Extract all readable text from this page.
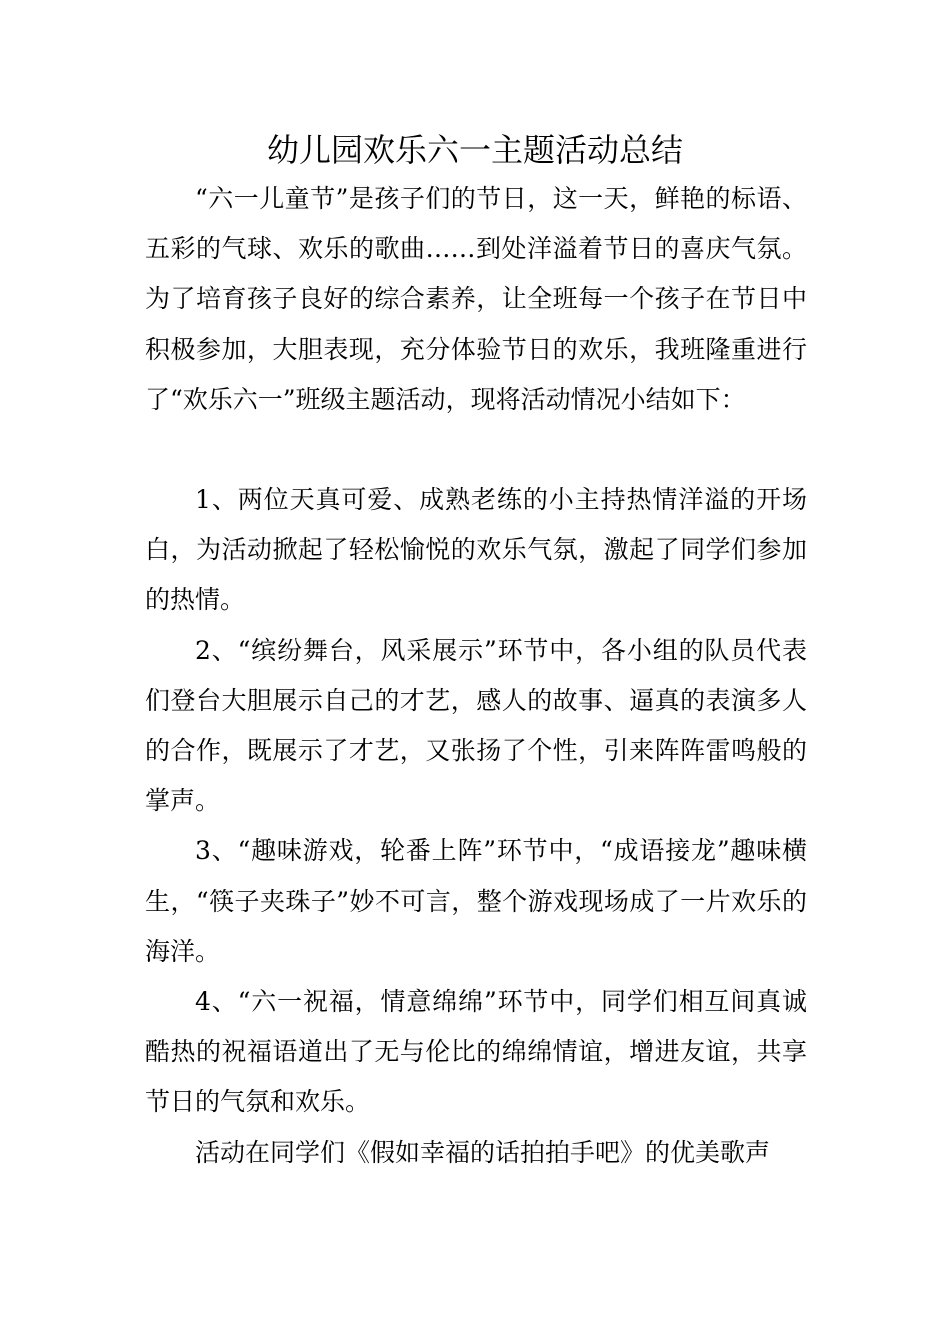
幼儿园欢乐六一主题活动总结

“六一儿童节”是孩子们的节日，这一天，鲜艳的标语、五彩的气球、欢乐的歌曲……到处洋溢着节日的喜庆气氛。为了培育孩子良好的综合素养，让全班每一个孩子在节日中积极参加，大胆表现，充分体验节日的欢乐，我班隆重进行了“欢乐六一”班级主题活动，现将活动情况小结如下：

1、两位天真可爱、成熟老练的小主持热情洋溢的开场白，为活动掀起了轻松愉悦的欢乐气氛，激起了同学们参加的热情。

2、“缤纷舞台，风采展示”环节中，各小组的队员代表们登台大胆展示自己的才艺，感人的故事、逼真的表演多人的合作，既展示了才艺，又张扬了个性，引来阵阵雷鸣般的掌声。

3、“趣味游戏，轮番上阵”环节中，“成语接龙”趣味横生，“筷子夹珠子”妙不可言，整个游戏现场成了一片欢乐的海洋。

4、“六一祝福，情意绵绵”环节中，同学们相互间真诚酷热的祝福语道出了无与伦比的绵绵情谊，增进友谊，共享节日的气氛和欢乐。

活动在同学们《假如幸福的话拍拍手吧》的优美歌声
